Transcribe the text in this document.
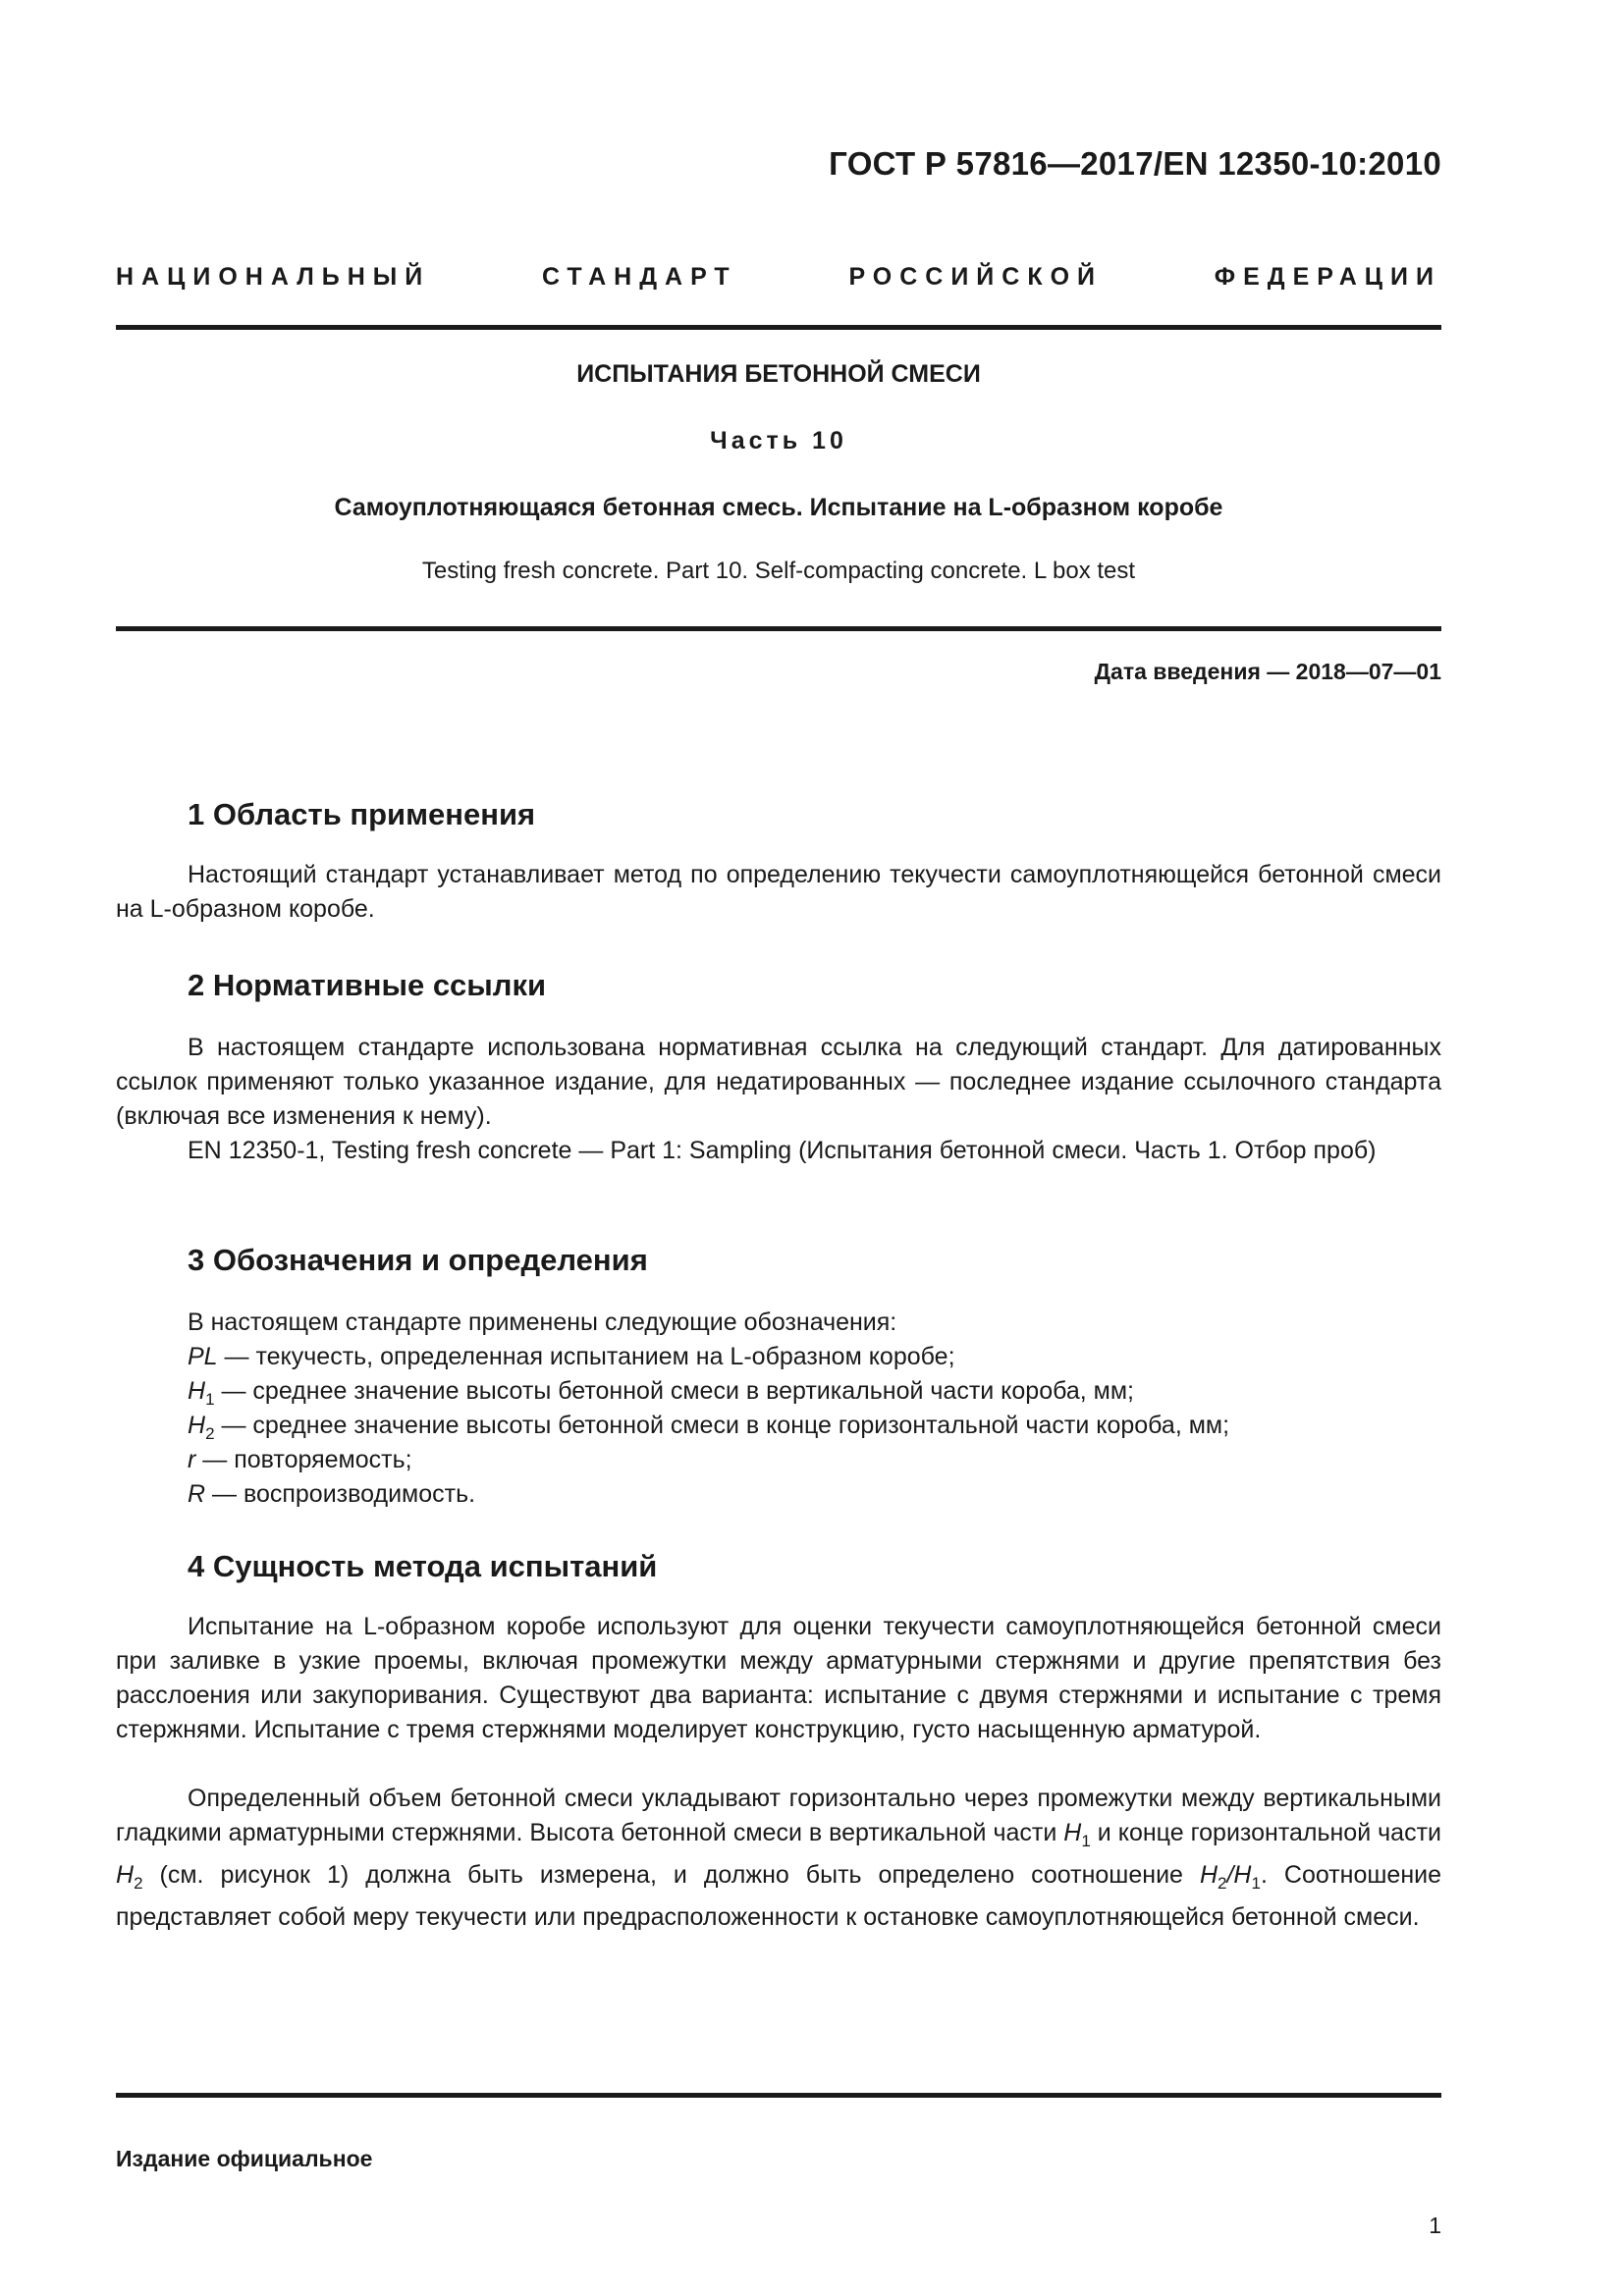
ГОСТ Р 57816—2017/EN 12350-10:2010
НАЦИОНАЛЬНЫЙ СТАНДАРТ РОССИЙСКОЙ ФЕДЕРАЦИИ
ИСПЫТАНИЯ БЕТОННОЙ СМЕСИ
Часть 10
Самоуплотняющаяся бетонная смесь. Испытание на L-образном коробе
Testing fresh concrete. Part 10. Self-compacting concrete. L box test
Дата введения — 2018—07—01
1 Область применения

Настоящий стандарт устанавливает метод по определению текучести самоуплотняющейся бетонной смеси на L-образном коробе.

2 Нормативные ссылки

В настоящем стандарте использована нормативная ссылка на следующий стандарт. Для датированных ссылок применяют только указанное издание, для недатированных — последнее издание ссылочного стандарта (включая все изменения к нему).

EN 12350-1, Testing fresh concrete — Part 1: Sampling (Испытания бетонной смеси. Часть 1. Отбор проб)

3 Обозначения и определения
В настоящем стандарте применены следующие обозначения:
PL — текучесть, определенная испытанием на L-образном коробе;
$H_1$ — среднее значение высоты бетонной смеси в вертикальной части короба, мм;
$H_2$ — среднее значение высоты бетонной смеси в конце горизонтальной части короба, мм;
r — повторяемость;
R — воспроизводимость.
4 Сущность метода испытаний

Испытание на L-образном коробе используют для оценки текучести самоуплотняющейся бетонной смеси при заливке в узкие проемы, включая промежутки между арматурными стержнями и другие препятствия без расслоения или закупоривания. Существуют два варианта: испытание с двумя стержнями и испытание с тремя стержнями. Испытание с тремя стержнями моделирует конструкцию, густо насыщенную арматурой.

Определенный объем бетонной смеси укладывают горизонтально через промежутки между вертикальными гладкими арматурными стержнями. Высота бетонной смеси в вертикальной части $H_1$ и конце горизонтальной части $H_2$ (см. рисунок 1) должна быть измерена, и должно быть определено соотношение $H_2/H_1$. Соотношение представляет собой меру текучести или предрасположенности к остановке самоуплотняющейся бетонной смеси.

Издание официальное
1
